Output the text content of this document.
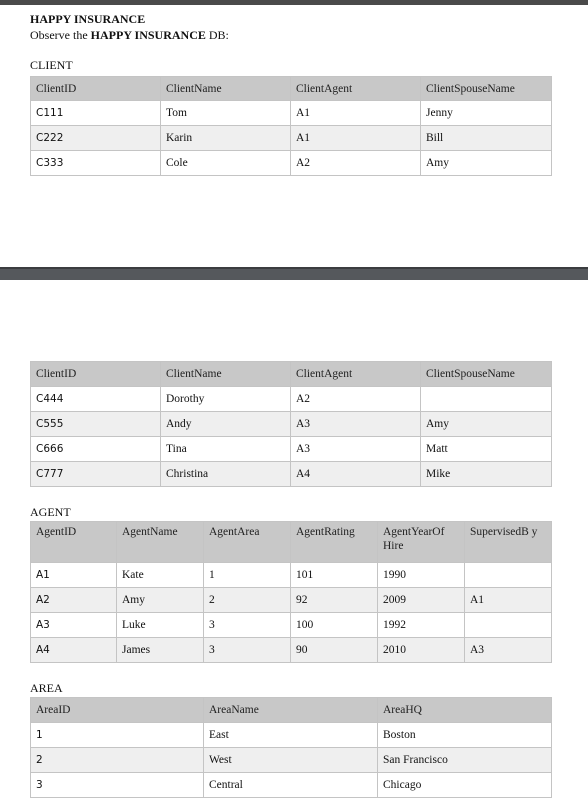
HAPPY INSURANCE
Observe the HAPPY INSURANCE DB:
CLIENT
ClientID	ClientName	ClientAgent	ClientSpouseName
C111	Tom	A1	Jenny
C222	Karin	A1	Bill
C333	Cole	A2	Amy
ClientID	ClientName	ClientAgent	ClientSpouseName
C444	Dorothy	A2	
C555	Andy	A3	Amy
C666	Tina	A3	Matt
C777	Christina	A4	Mike
AGENT
AgentID	AgentName	AgentArea	AgentRating	AgentYearOf Hire	SupervisedB y
A1	Kate	1	101	1990	
A2	Amy	2	92	2009	A1
A3	Luke	3	100	1992	
A4	James	3	90	2010	A3
AREA
AreaID	AreaName	AreaHQ
1	East	Boston
2	West	San Francisco
3	Central	Chicago
